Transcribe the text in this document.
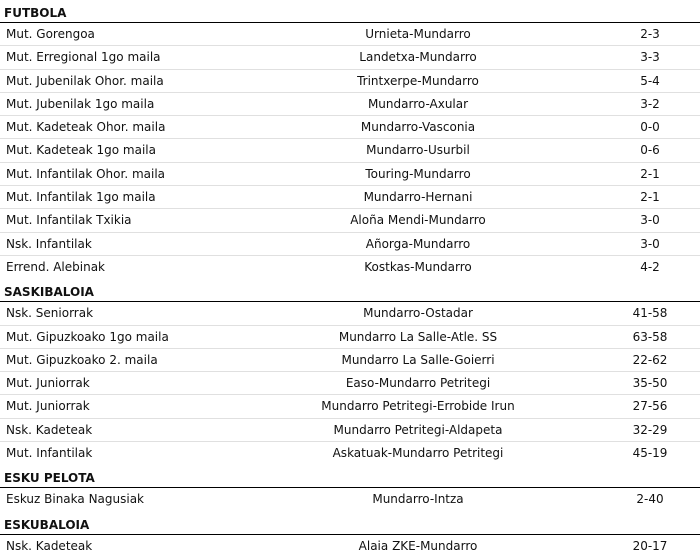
FUTBOLA
Mut. Gorengoa	Urnieta-Mundarro	2-3
Mut. Erregional 1go maila	Landetxa-Mundarro	3-3
Mut. Jubenilak Ohor. maila	Trintxerpe-Mundarro	5-4
Mut. Jubenilak 1go maila	Mundarro-Axular	3-2
Mut. Kadeteak Ohor. maila	Mundarro-Vasconia	0-0
Mut. Kadeteak 1go maila	Mundarro-Usurbil	0-6
Mut. Infantilak Ohor. maila	Touring-Mundarro	2-1
Mut. Infantilak 1go maila	Mundarro-Hernani	2-1
Mut. Infantilak Txikia	Aloña Mendi-Mundarro	3-0
Nsk. Infantilak	Añorga-Mundarro	3-0
Errend. Alebinak	Kostkas-Mundarro	4-2
SASKIBALOIA
Nsk. Seniorrak	Mundarro-Ostadar	41-58
Mut. Gipuzkoako 1go maila	Mundarro La Salle-Atle. SS	63-58
Mut. Gipuzkoako 2. maila	Mundarro La Salle-Goierri	22-62
Mut. Juniorrak	Easo-Mundarro Petritegi	35-50
Mut. Juniorrak	Mundarro Petritegi-Errobide Irun	27-56
Nsk. Kadeteak	Mundarro Petritegi-Aldapeta	32-29
Mut. Infantilak	Askatuak-Mundarro Petritegi	45-19
ESKU PELOTA
Eskuz Binaka Nagusiak	Mundarro-Intza	2-40
ESKUBALOIA
Nsk. Kadeteak	Alaia ZKE-Mundarro	20-17
